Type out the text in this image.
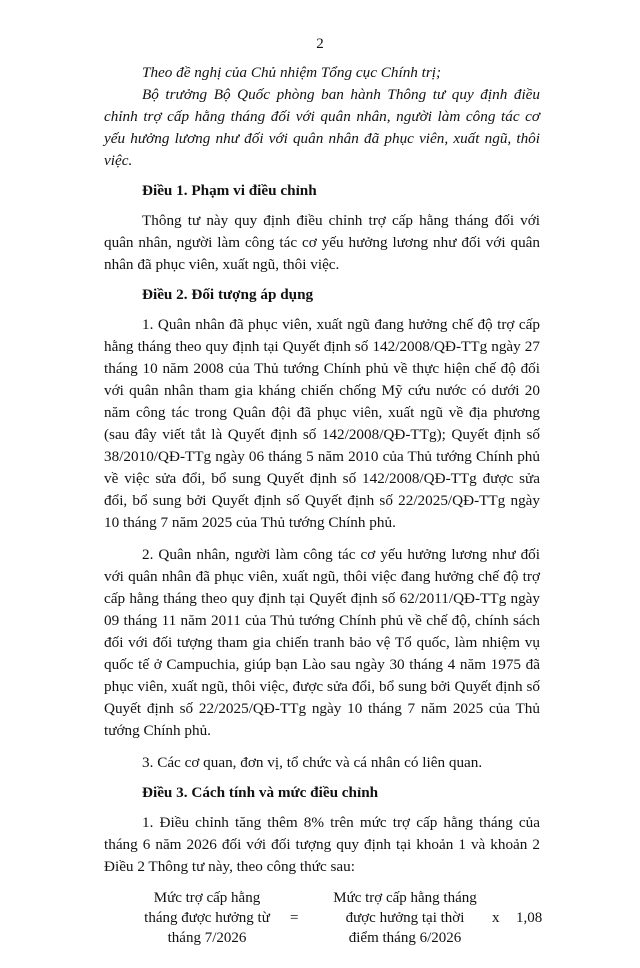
2

Theo đề nghị của Chủ nhiệm Tổng cục Chính trị;

Bộ trưởng Bộ Quốc phòng ban hành Thông tư quy định điều chỉnh trợ cấp hằng tháng đối với quân nhân, người làm công tác cơ yếu hưởng lương như đối với quân nhân đã phục viên, xuất ngũ, thôi việc.

Điều 1. Phạm vi điều chỉnh

Thông tư này quy định điều chỉnh trợ cấp hằng tháng đối với quân nhân, người làm công tác cơ yếu hưởng lương như đối với quân nhân đã phục viên, xuất ngũ, thôi việc.

Điều 2. Đối tượng áp dụng

1. Quân nhân đã phục viên, xuất ngũ đang hưởng chế độ trợ cấp hằng tháng theo quy định tại Quyết định số 142/2008/QĐ-TTg ngày 27 tháng 10 năm 2008 của Thủ tướng Chính phủ về thực hiện chế độ đối với quân nhân tham gia kháng chiến chống Mỹ cứu nước có dưới 20 năm công tác trong Quân đội đã phục viên, xuất ngũ về địa phương (sau đây viết tắt là Quyết định số 142/2008/QĐ-TTg); Quyết định số 38/2010/QĐ-TTg ngày 06 tháng 5 năm 2010 của Thủ tướng Chính phủ về việc sửa đổi, bổ sung Quyết định số 142/2008/QĐ-TTg được sửa đổi, bổ sung bởi Quyết định số Quyết định số 22/2025/QĐ-TTg ngày 10 tháng 7 năm 2025 của Thủ tướng Chính phủ.

2. Quân nhân, người làm công tác cơ yếu hưởng lương như đối với quân nhân đã phục viên, xuất ngũ, thôi việc đang hưởng chế độ trợ cấp hằng tháng theo quy định tại Quyết định số 62/2011/QĐ-TTg ngày 09 tháng 11 năm 2011 của Thủ tướng Chính phủ về chế độ, chính sách đối với đối tượng tham gia chiến tranh bảo vệ Tổ quốc, làm nhiệm vụ quốc tế ở Campuchia, giúp bạn Lào sau ngày 30 tháng 4 năm 1975 đã phục viên, xuất ngũ, thôi việc, được sửa đổi, bổ sung bởi Quyết định số Quyết định số 22/2025/QĐ-TTg ngày 10 tháng 7 năm 2025 của Thủ tướng Chính phủ.

3. Các cơ quan, đơn vị, tổ chức và cá nhân có liên quan.

Điều 3. Cách tính và mức điều chỉnh

1. Điều chỉnh tăng thêm 8% trên mức trợ cấp hằng tháng của tháng 6 năm 2026 đối với đối tượng quy định tại khoản 1 và khoản 2 Điều 2 Thông tư này, theo công thức sau:

Mức trợ cấp hằng
tháng được hưởng từ
tháng 7/2026
=
Mức trợ cấp hằng tháng
được hưởng tại thời
điểm tháng 6/2026
x 1,08
